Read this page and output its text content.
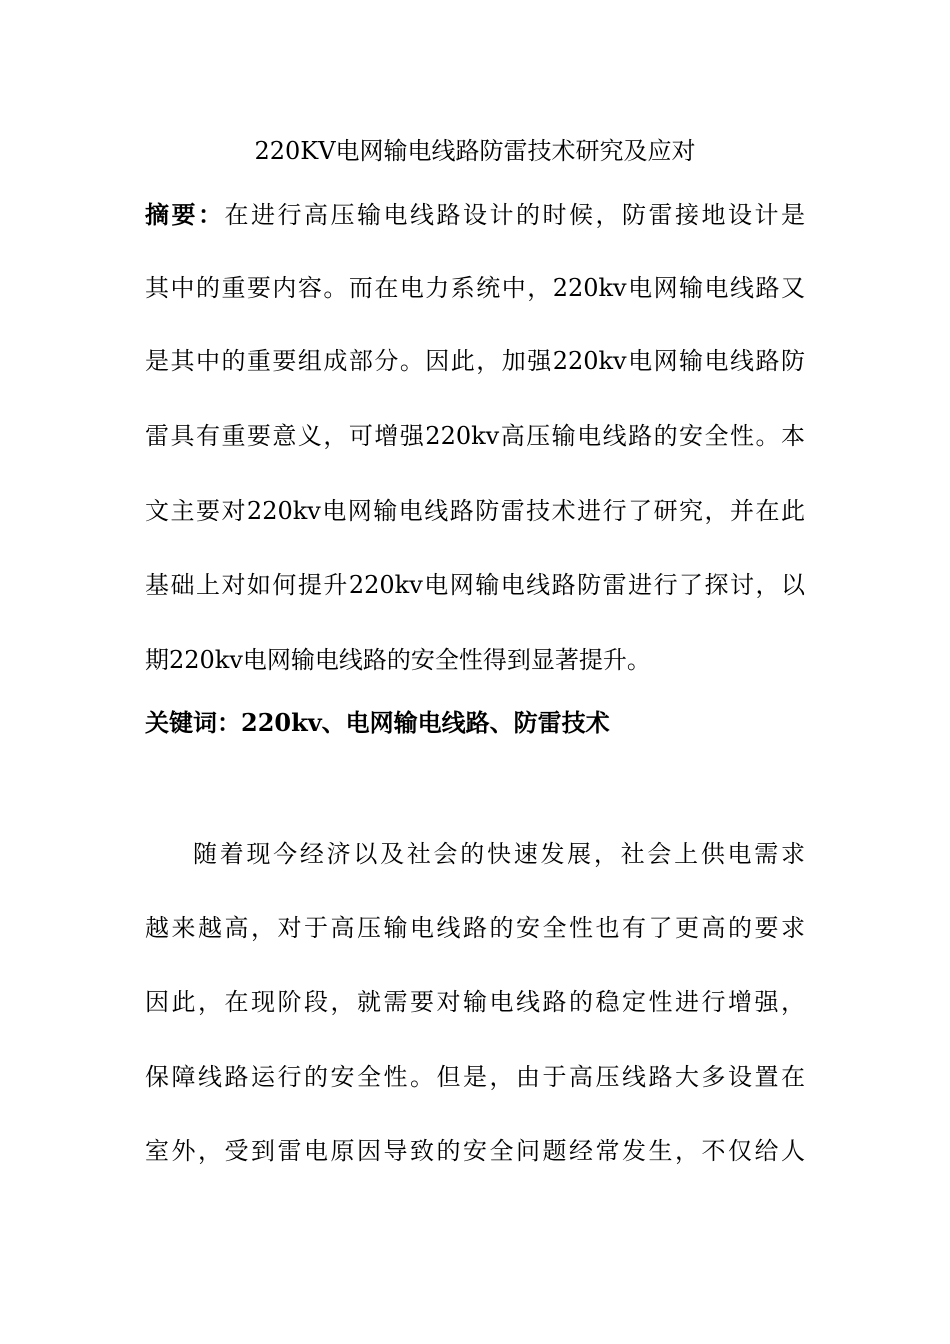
220KV电网输电线路防雷技术研究及应对
摘要：在进行高压输电线路设计的时候，防雷接地设计是
其中的重要内容。而在电力系统中，220kv电网输电线路又
是其中的重要组成部分。因此，加强220kv电网输电线路防
雷具有重要意义，可增强220kv高压输电线路的安全性。本
文主要对220kv电网输电线路防雷技术进行了研究，并在此
基础上对如何提升220kv电网输电线路防雷进行了探讨，以
期220kv电网输电线路的安全性得到显著提升。
关键词：220kv、电网输电线路、防雷技术
随着现今经济以及社会的快速发展，社会上供电需求
越来越高，对于高压输电线路的安全性也有了更高的要求
因此，在现阶段，就需要对输电线路的稳定性进行增强，
保障线路运行的安全性。但是，由于高压线路大多设置在
室外，受到雷电原因导致的安全问题经常发生，不仅给人
